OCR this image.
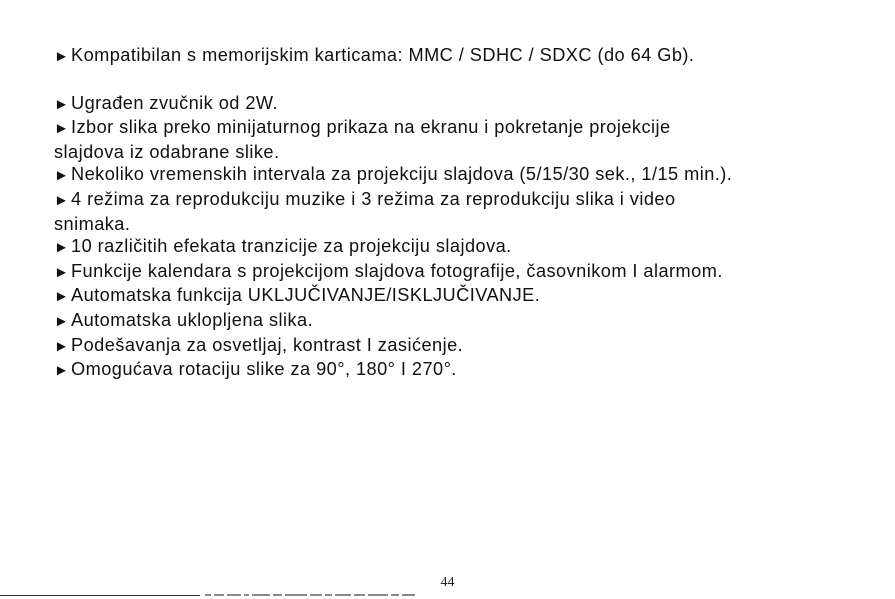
► Kompatibilan s memorijskim karticama: MMC / SDHC / SDXC (do 64 Gb).
► Ugrađen zvučnik od 2W.
► Izbor slika preko minijaturnog prikaza na ekranu i pokretanje projekcije
slajdova iz odabrane slike.
► Nekoliko vremenskih intervala za projekciju slajdova (5/15/30 sek., 1/15 min.).
► 4 režima za reprodukciju muzike i 3 režima za reprodukciju slika i video
snimaka.
► 10 različitih efekata tranzicije za projekciju slajdova.
► Funkcije kalendara s projekcijom slajdova fotografije, časovnikom I alarmom.
► Automatska funkcija UKLJUČIVANJE/ISKLJUČIVANJE.
► Automatska uklopljena slika.
► Podešavanja za osvetljaj, kontrast I zasićenje.
► Omogućava rotaciju slike za 90°, 180° I 270°.
44
